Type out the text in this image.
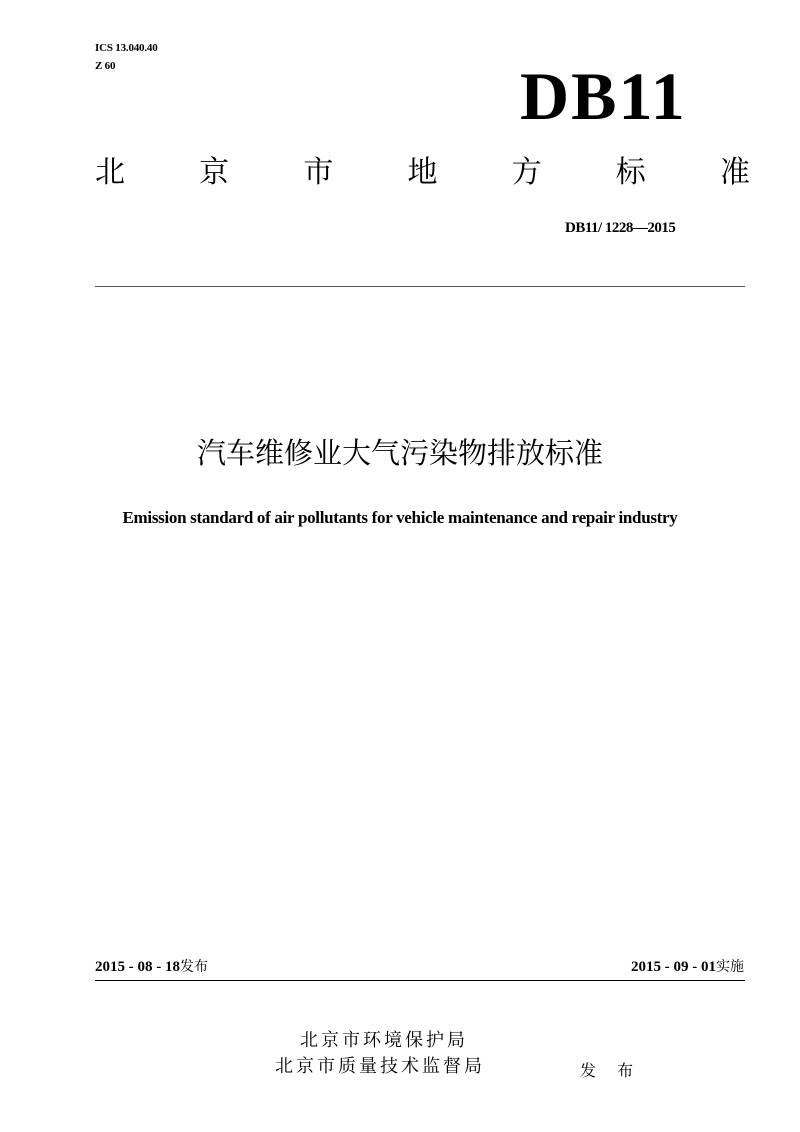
ICS 13.040.40
Z 60	DB11
北 京 市 地 方 标 准
DB11/ 1228—2015
汽车维修业大气污染物排放标准
Emission standard of air pollutants for vehicle maintenance and repair industry
2015 - 08 - 18发布	2015 - 09 - 01实施
北京市环境保护局
北京市质量技术监督局	发 布
